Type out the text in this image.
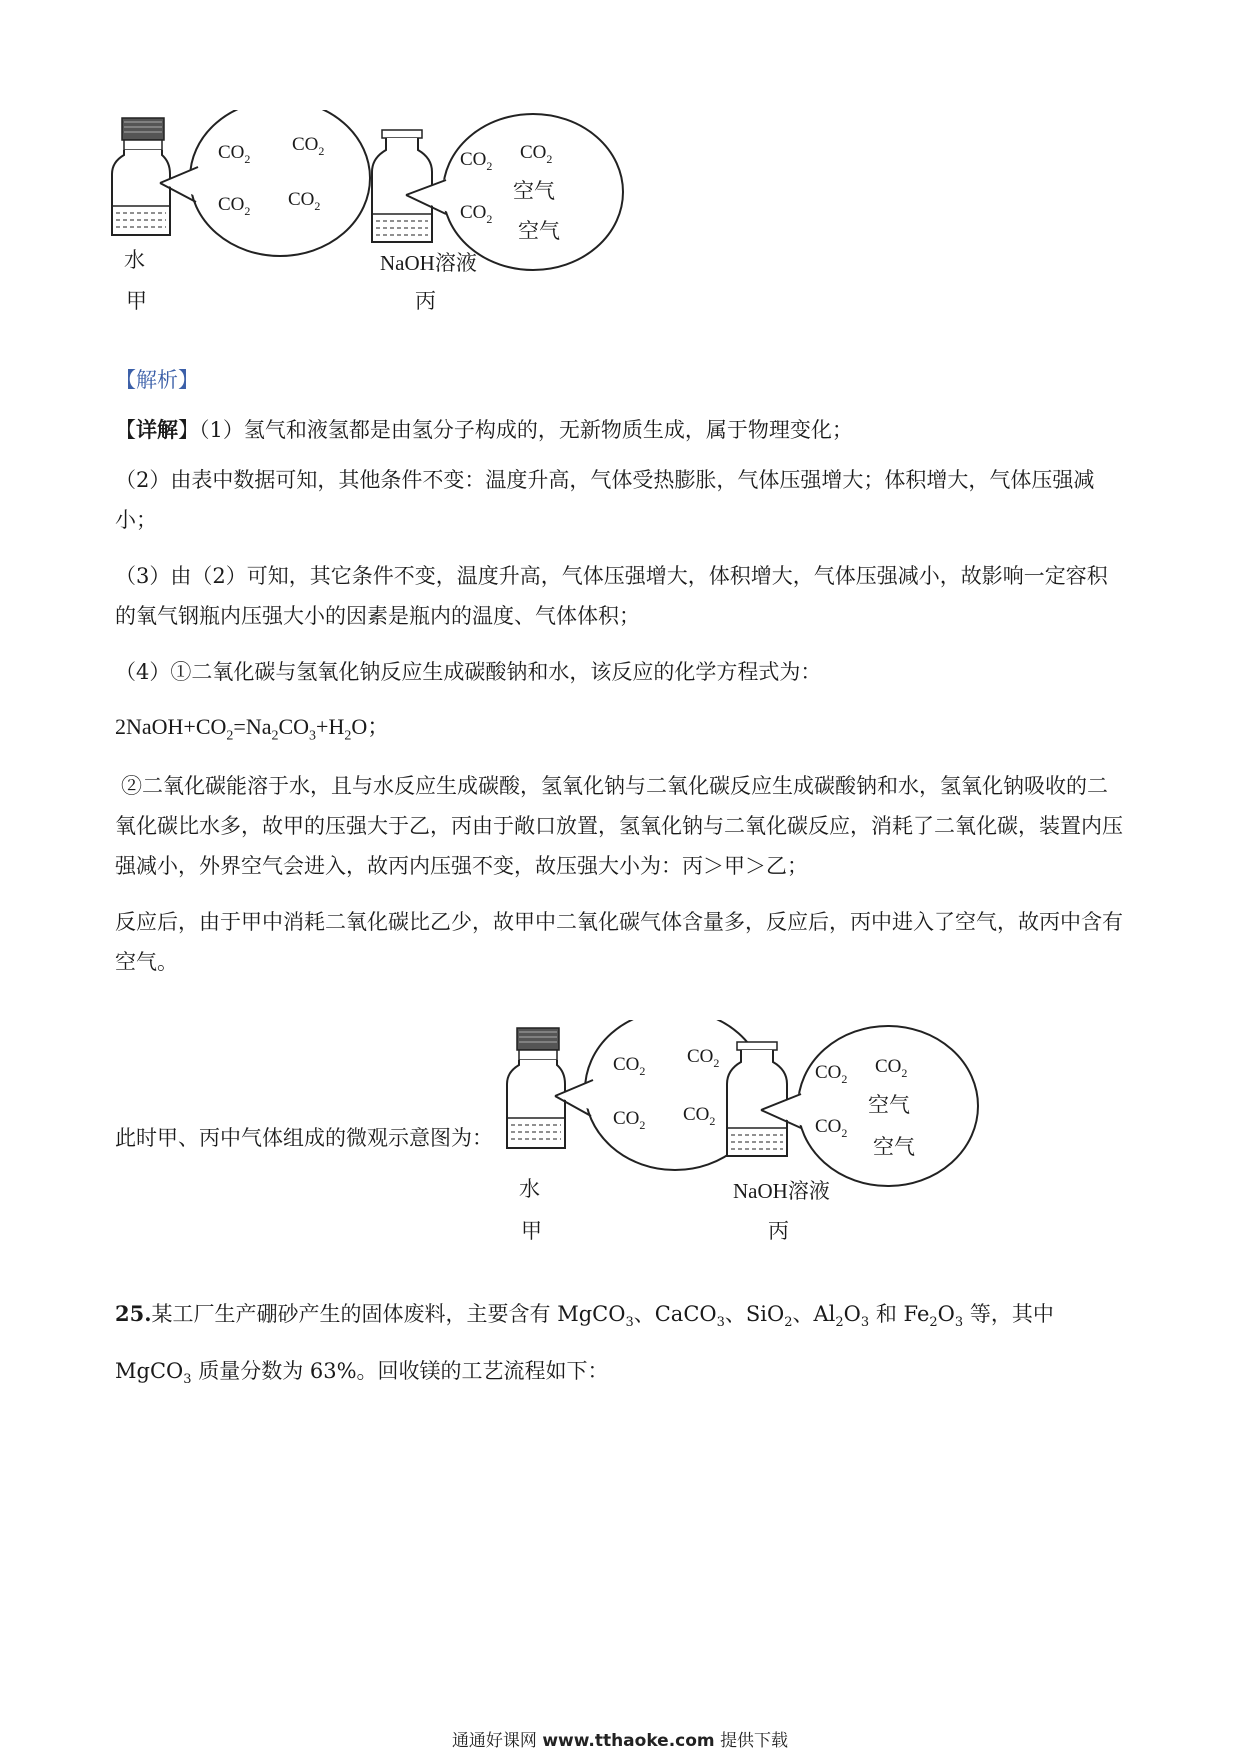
$CO_2$
$CO_2$
$CO_2$
$CO_2$
$CO_2$
$CO_2$
$CO_2$
空气
空气
水
甲
NaOH溶液
丙
【解析】
【详解】（1）氢气和液氢都是由氢分子构成的，无新物质生成，属于物理变化；
（2）由表中数据可知，其他条件不变：温度升高，气体受热膨胀，气体压强增大；体积增大，气体压强减小；
（3）由（2）可知，其它条件不变，温度升高，气体压强增大，体积增大，气体压强减小，故影响一定容积的氧气钢瓶内压强大小的因素是瓶内的温度、气体体积；
（4）①二氧化碳与氢氧化钠反应生成碳酸钠和水，该反应的化学方程式为：
$2NaOH+CO_2=Na_2CO_3+H_2O$；
②二氧化碳能溶于水，且与水反应生成碳酸，氢氧化钠与二氧化碳反应生成碳酸钠和水，氢氧化钠吸收的二氧化碳比水多，故甲的压强大于乙，丙由于敞口放置，氢氧化钠与二氧化碳反应，消耗了二氧化碳，装置内压强减小，外界空气会进入，故丙内压强不变，故压强大小为：丙＞甲＞乙；
反应后，由于甲中消耗二氧化碳比乙少，故甲中二氧化碳气体含量多，反应后，丙中进入了空气，故丙中含有空气。
此时甲、丙中气体组成的微观示意图为：
$CO_2$
$CO_2$
$CO_2$ $CO_2$
$CO_2$
$CO_2$
$CO_2$
空气
空气
水
甲
NaOH溶液
丙
25.某工厂生产硼砂产生的固体废料，主要含有 MgCO$_3$、CaCO$_3$、SiO$_2$、$Al_2O_3$ 和 $Fe_2O_3$ 等，其中 MgCO$_3$ 质量分数为 63%。回收镁的工艺流程如下：
通通好课网 www.tthaoke.com 提供下载
